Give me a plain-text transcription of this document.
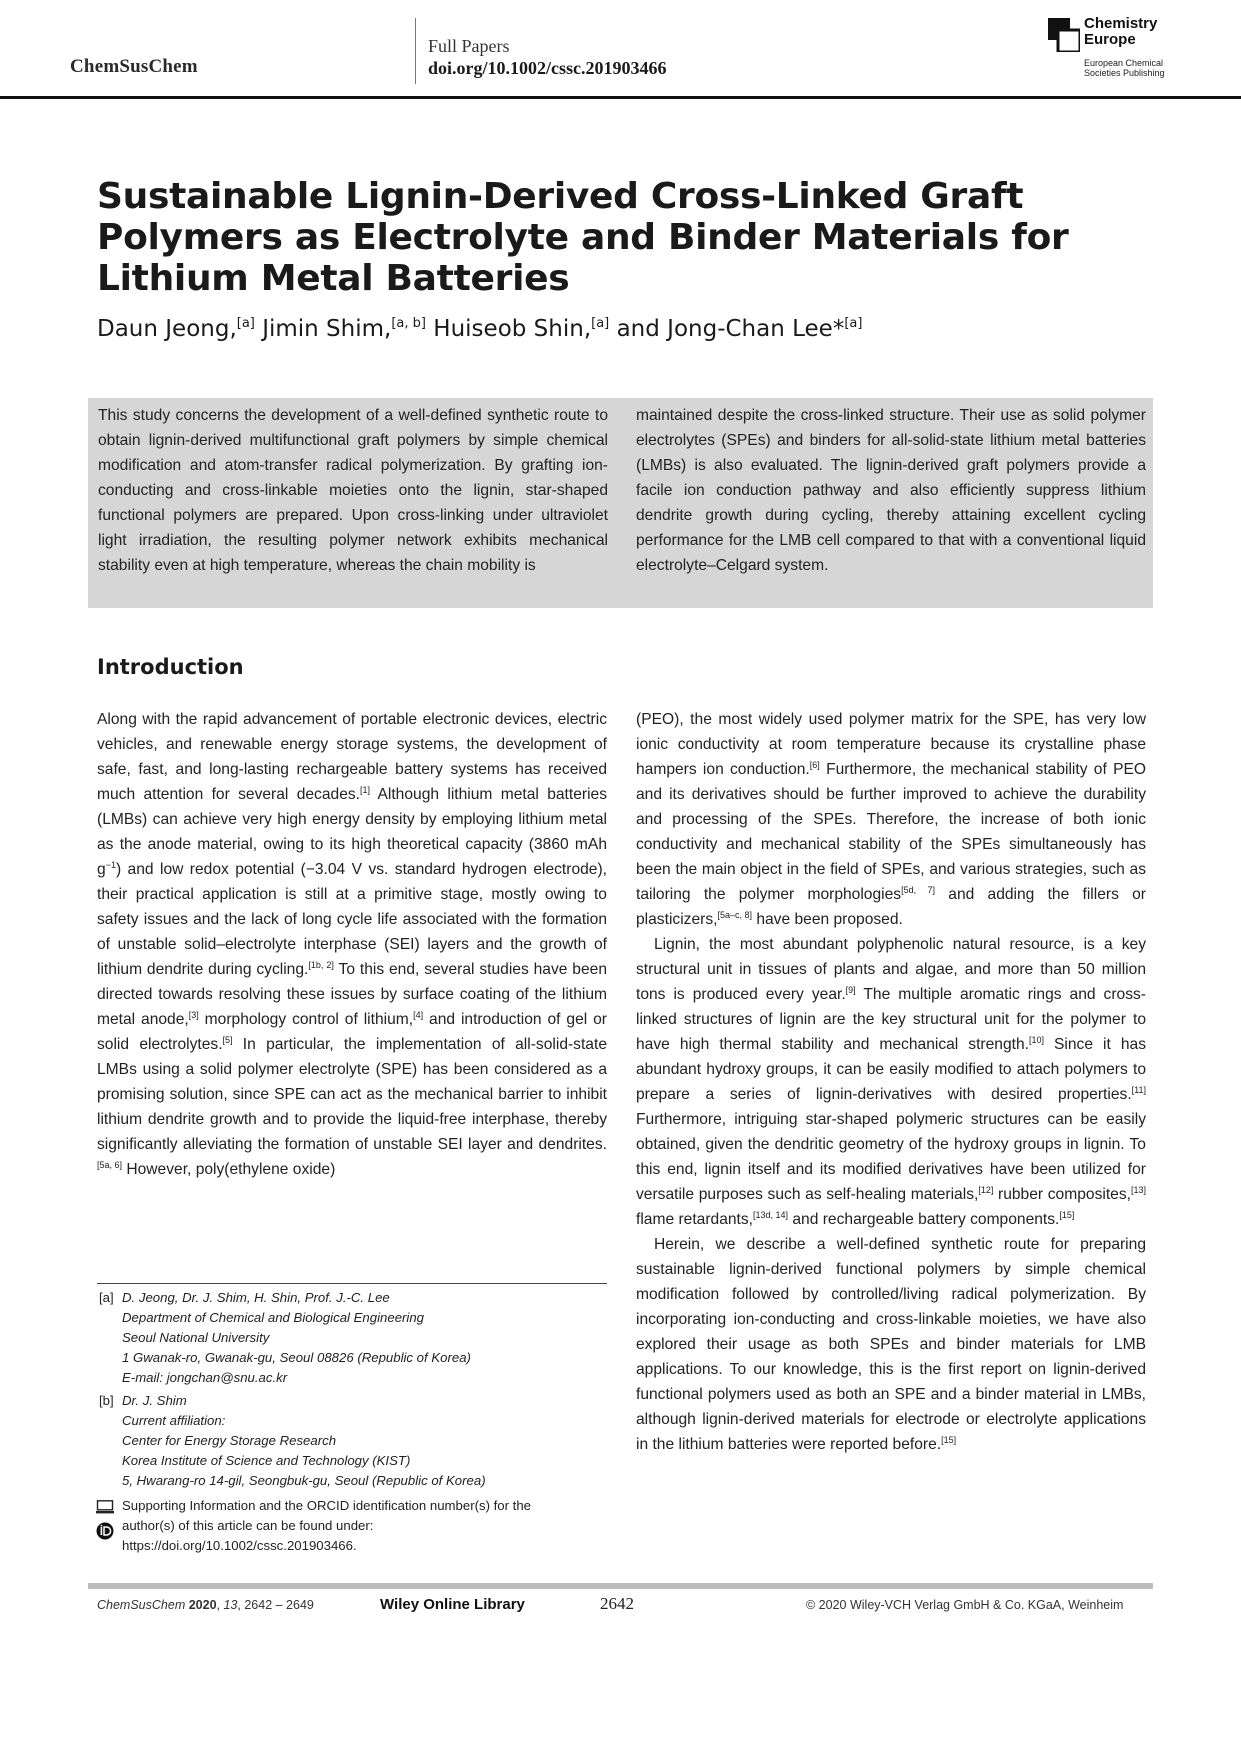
ChemSusChem
Full Papers
doi.org/10.1002/cssc.201903466
Chemistry
Europe
European Chemical
Societies Publishing
Sustainable Lignin-Derived Cross-Linked Graft Polymers as Electrolyte and Binder Materials for Lithium Metal Batteries
Daun Jeong,[a] Jimin Shim,[a, b] Huiseob Shin,[a] and Jong-Chan Lee*[a]
This study concerns the development of a well-defined synthetic route to obtain lignin-derived multifunctional graft polymers by simple chemical modification and atom-transfer radical polymerization. By grafting ion-conducting and cross-linkable moieties onto the lignin, star-shaped functional polymers are prepared. Upon cross-linking under ultraviolet light irradiation, the resulting polymer network exhibits mechanical stability even at high temperature, whereas the chain mobility is
maintained despite the cross-linked structure. Their use as solid polymer electrolytes (SPEs) and binders for all-solid-state lithium metal batteries (LMBs) is also evaluated. The lignin-derived graft polymers provide a facile ion conduction pathway and also efficiently suppress lithium dendrite growth during cycling, thereby attaining excellent cycling performance for the LMB cell compared to that with a conventional liquid electrolyte–Celgard system.
Introduction

Along with the rapid advancement of portable electronic devices, electric vehicles, and renewable energy storage systems, the development of safe, fast, and long-lasting rechargeable battery systems has received much attention for several decades.[1] Although lithium metal batteries (LMBs) can achieve very high energy density by employing lithium metal as the anode material, owing to its high theoretical capacity (3860 mAh $g^{-1}$) and low redox potential (−3.04 V vs. standard hydrogen electrode), their practical application is still at a primitive stage, mostly owing to safety issues and the lack of long cycle life associated with the formation of unstable solid–electrolyte interphase (SEI) layers and the growth of lithium dendrite during cycling.[1b, 2] To this end, several studies have been directed towards resolving these issues by surface coating of the lithium metal anode,[3] morphology control of lithium,[4] and introduction of gel or solid electrolytes.[5] In particular, the implementation of all-solid-state LMBs using a solid polymer electrolyte (SPE) has been considered as a promising solution, since SPE can act as the mechanical barrier to inhibit lithium dendrite growth and to provide the liquid-free interphase, thereby significantly alleviating the formation of unstable SEI layer and dendrites.[5a, 6] However, poly(ethylene oxide)

(PEO), the most widely used polymer matrix for the SPE, has very low ionic conductivity at room temperature because its crystalline phase hampers ion conduction.[6] Furthermore, the mechanical stability of PEO and its derivatives should be further improved to achieve the durability and processing of the SPEs. Therefore, the increase of both ionic conductivity and mechanical stability of the SPEs simultaneously has been the main object in the field of SPEs, and various strategies, such as tailoring the polymer morphologies[5d, 7] and adding the fillers or plasticizers,[5a–c, 8] have been proposed.

Lignin, the most abundant polyphenolic natural resource, is a key structural unit in tissues of plants and algae, and more than 50 million tons is produced every year.[9] The multiple aromatic rings and cross-linked structures of lignin are the key structural unit for the polymer to have high thermal stability and mechanical strength.[10] Since it has abundant hydroxy groups, it can be easily modified to attach polymers to prepare a series of lignin-derivatives with desired properties.[11] Furthermore, intriguing star-shaped polymeric structures can be easily obtained, given the dendritic geometry of the hydroxy groups in lignin. To this end, lignin itself and its modified derivatives have been utilized for versatile purposes such as self-healing materials,[12] rubber composites,[13] flame retardants,[13d, 14] and rechargeable battery components.[15]

Herein, we describe a well-defined synthetic route for preparing sustainable lignin-derived functional polymers by simple chemical modification followed by controlled/living radical polymerization. By incorporating ion-conducting and cross-linkable moieties, we have also explored their usage as both SPEs and binder materials for LMB applications. To our knowledge, this is the first report on lignin-derived functional polymers used as both an SPE and a binder material in LMBs, although lignin-derived materials for electrode or electrolyte applications in the lithium batteries were reported before.[15]

[a] D. Jeong, Dr. J. Shim, H. Shin, Prof. J.-C. Lee
Department of Chemical and Biological Engineering
Seoul National University
1 Gwanak-ro, Gwanak-gu, Seoul 08826 (Republic of Korea)
E-mail: jongchan@snu.ac.kr
[b] Dr. J. Shim
Current affiliation:
Center for Energy Storage Research
Korea Institute of Science and Technology (KIST)
5, Hwarang-ro 14-gil, Seongbuk-gu, Seoul (Republic of Korea)
Supporting Information and the ORCID identification number(s) for the
author(s) of this article can be found under:
https://doi.org/10.1002/cssc.201903466.
ChemSusChem 2020, 13, 2642 – 2649	Wiley Online Library	2642	© 2020 Wiley-VCH Verlag GmbH & Co. KGaA, Weinheim
